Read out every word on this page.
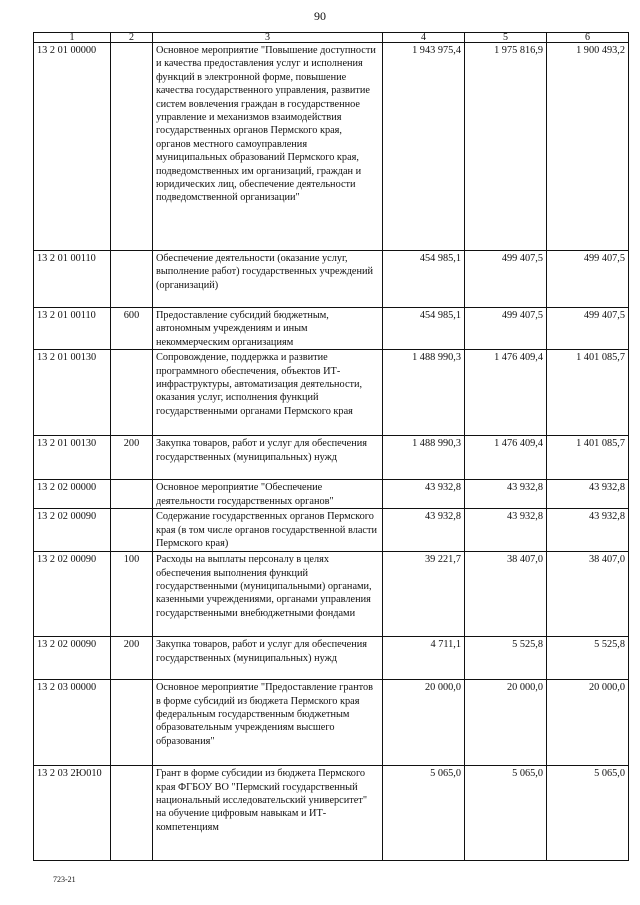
90
1	2	3	4	5	6
13 2 01 00000		Основное мероприятие "Повышение доступности и качества предоставления услуг и исполнения функций в электронной форме, повышение качества государственного управления, развитие систем вовлечения граждан в государственное управление и механизмов взаимодействия государственных органов Пермского края, органов местного самоуправления муниципальных образований Пермского края, подведомственных им организаций, граждан и юридических лиц, обеспечение деятельности подведомственной организации"	1 943 975,4	1 975 816,9	1 900 493,2
13 2 01 00110		Обеспечение деятельности (оказание услуг, выполнение работ) государственных учреждений (организаций)	454 985,1	499 407,5	499 407,5
13 2 01 00110	600	Предоставление субсидий бюджетным, автономным учреждениям и иным некоммерческим организациям	454 985,1	499 407,5	499 407,5
13 2 01 00130		Сопровождение, поддержка и развитие программного обеспечения, объектов ИТ-инфраструктуры, автоматизация деятельности, оказания услуг, исполнения функций государственными органами Пермского края	1 488 990,3	1 476 409,4	1 401 085,7
13 2 01 00130	200	Закупка товаров, работ и услуг для обеспечения государственных (муниципальных) нужд	1 488 990,3	1 476 409,4	1 401 085,7
13 2 02 00000		Основное мероприятие "Обеспечение деятельности государственных органов"	43 932,8	43 932,8	43 932,8
13 2 02 00090		Содержание государственных органов Пермского края (в том числе органов государственной власти Пермского края)	43 932,8	43 932,8	43 932,8
13 2 02 00090	100	Расходы на выплаты персоналу в целях обеспечения выполнения функций государственными (муниципальными) органами, казенными учреждениями, органами управления государственными внебюджетными фондами	39 221,7	38 407,0	38 407,0
13 2 02 00090	200	Закупка товаров, работ и услуг для обеспечения государственных (муниципальных) нужд	4 711,1	5 525,8	5 525,8
13 2 03 00000		Основное мероприятие "Предоставление грантов в форме субсидий из бюджета Пермского края федеральным государственным бюджетным образовательным учреждениям высшего образования"	20 000,0	20 000,0	20 000,0
13 2 03 2Ю010		Грант в форме субсидии из бюджета Пермского края ФГБОУ ВО "Пермский государственный национальный исследовательский университет" на обучение цифровым навыкам и ИТ-компетенциям	5 065,0	5 065,0	5 065,0
723-21
